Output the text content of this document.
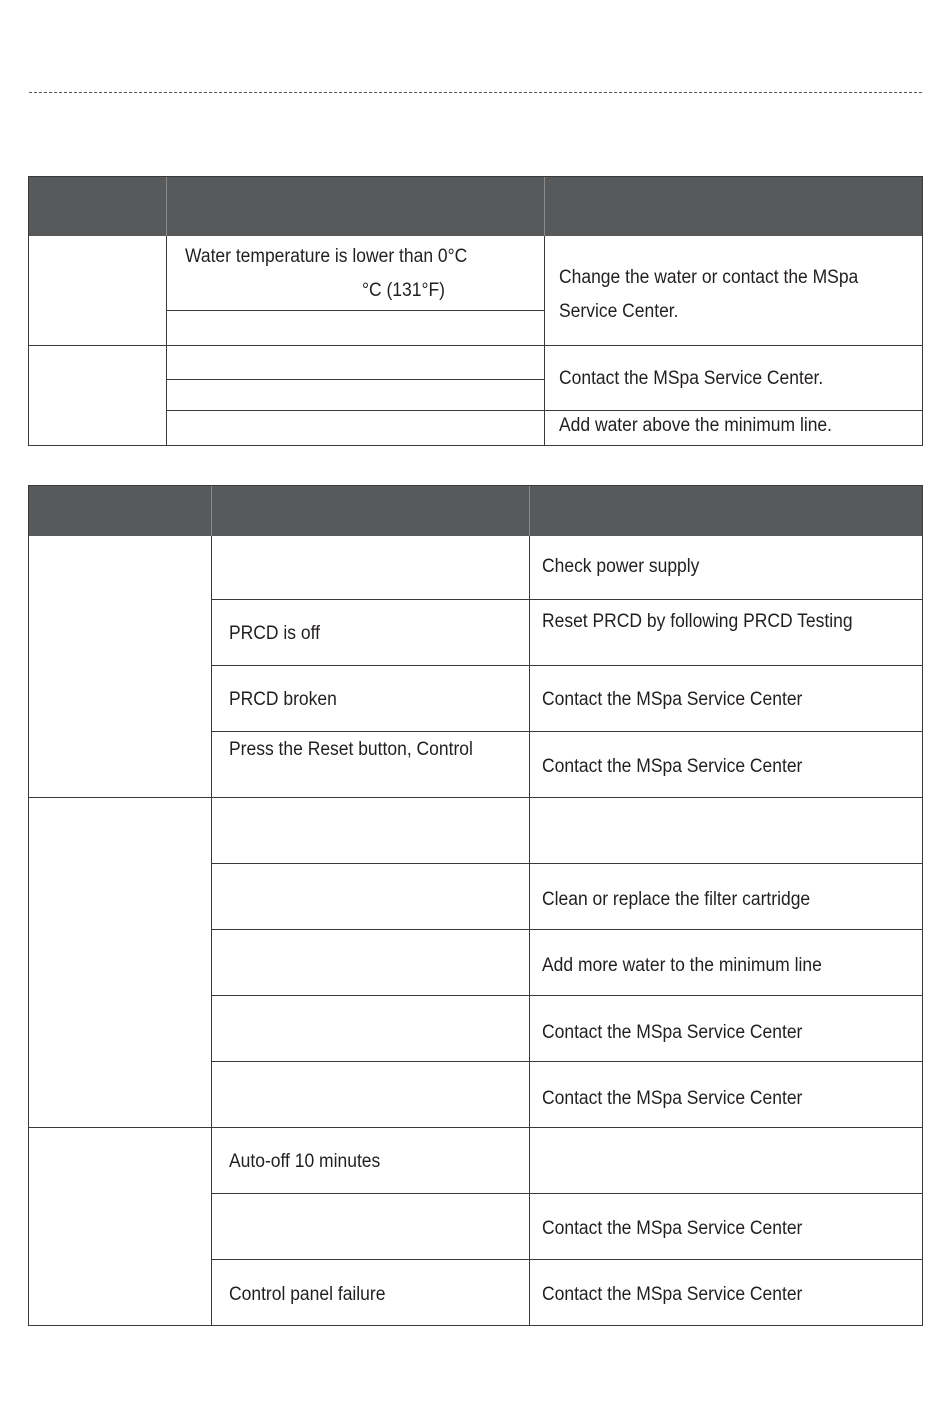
Water temperature is lower than 0°C
°C (131°F)
Change the water or contact the MSpa
Service Center.
Contact the MSpa Service Center.
Add water above the minimum line.
Check power supply
PRCD is off
Reset PRCD by following PRCD Testing
PRCD broken	Contact the MSpa Service Center
Press the Reset button, Control
Contact the MSpa Service Center
Clean or replace the filter cartridge
Add more water to the minimum line
Contact the MSpa Service Center
Contact the MSpa Service Center
Auto-off 10 minutes
Contact the MSpa Service Center
Control panel failure	Contact the MSpa Service Center
